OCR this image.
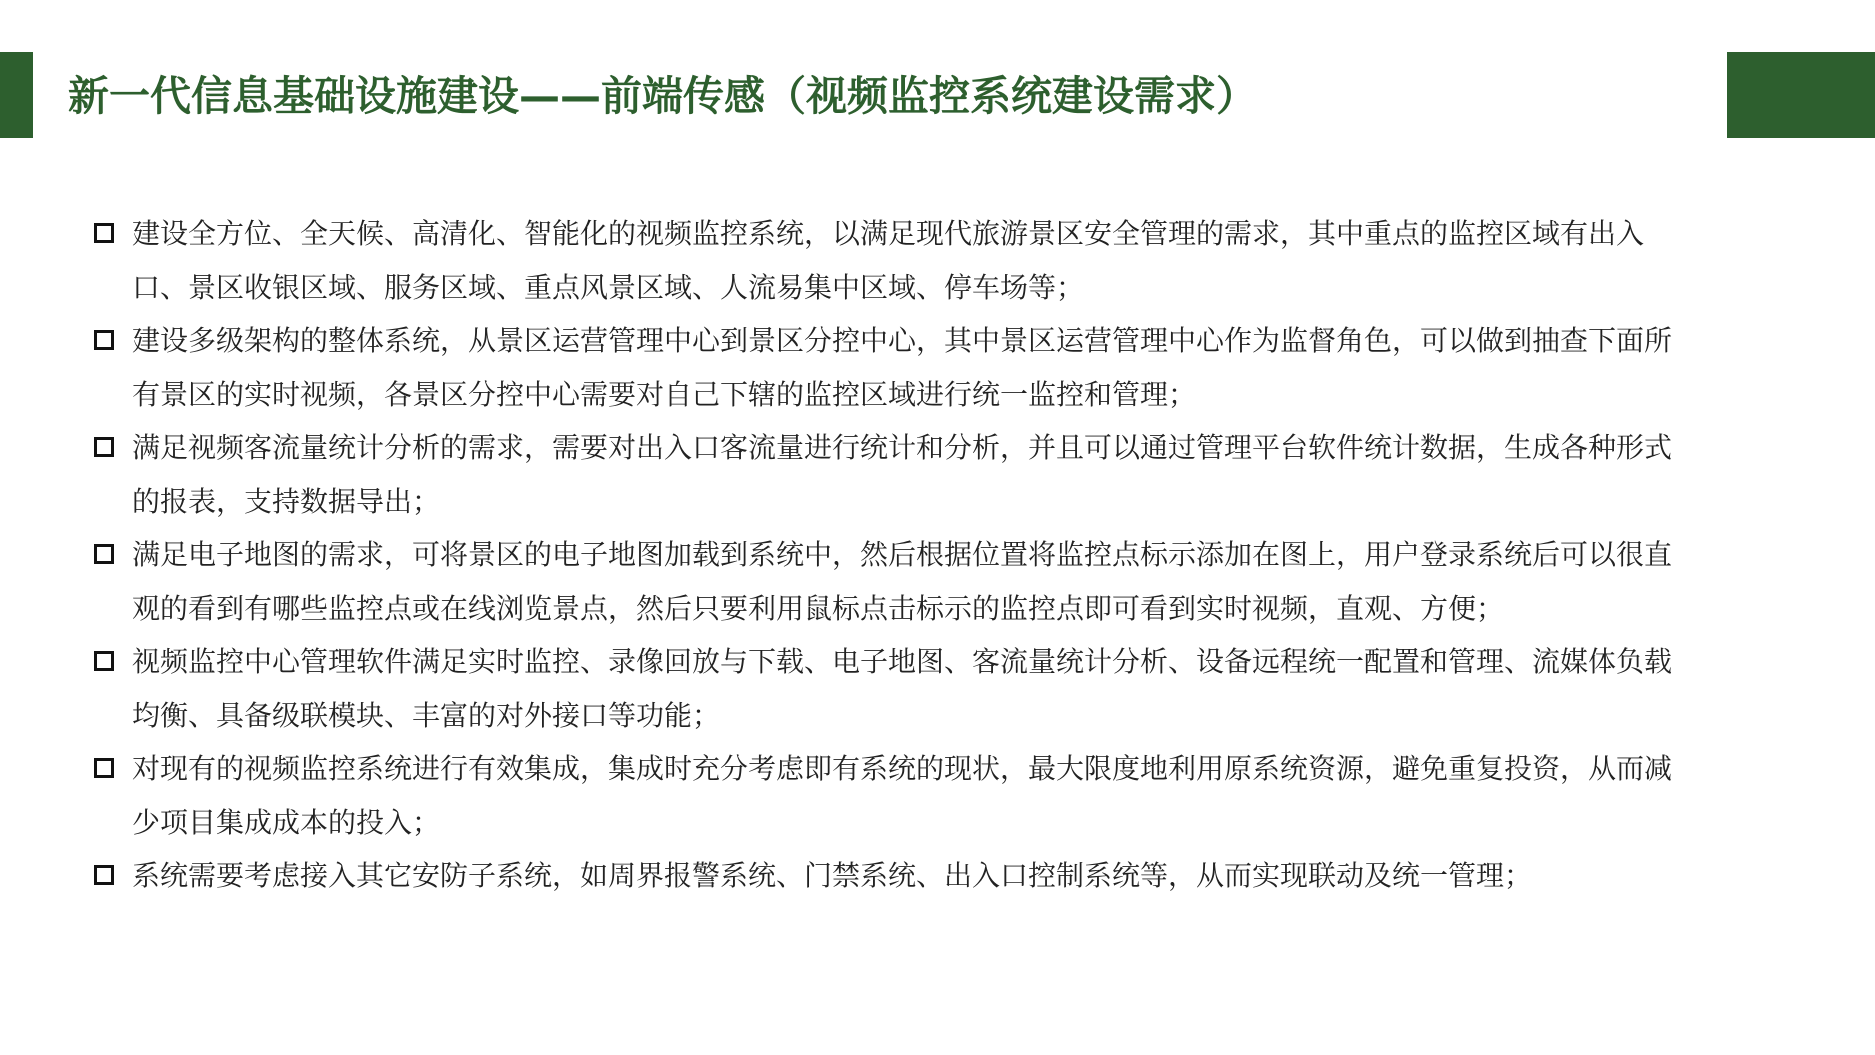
新一代信息基础设施建设——前端传感（视频监控系统建设需求）
建设全方位、全天候、高清化、智能化的视频监控系统，以满足现代旅游景区安全管理的需求，其中重点的监控区域有出入口、景区收银区域、服务区域、重点风景区域、人流易集中区域、停车场等；
建设多级架构的整体系统，从景区运营管理中心到景区分控中心，其中景区运营管理中心作为监督角色，可以做到抽查下面所有景区的实时视频，各景区分控中心需要对自己下辖的监控区域进行统一监控和管理；
满足视频客流量统计分析的需求，需要对出入口客流量进行统计和分析，并且可以通过管理平台软件统计数据，生成各种形式的报表，支持数据导出；
满足电子地图的需求，可将景区的电子地图加载到系统中，然后根据位置将监控点标示添加在图上，用户登录系统后可以很直观的看到有哪些监控点或在线浏览景点，然后只要利用鼠标点击标示的监控点即可看到实时视频，直观、方便；
视频监控中心管理软件满足实时监控、录像回放与下载、电子地图、客流量统计分析、设备远程统一配置和管理、流媒体负载均衡、具备级联模块、丰富的对外接口等功能；
对现有的视频监控系统进行有效集成，集成时充分考虑即有系统的现状，最大限度地利用原系统资源，避免重复投资，从而减少项目集成成本的投入；
系统需要考虑接入其它安防子系统，如周界报警系统、门禁系统、出入口控制系统等，从而实现联动及统一管理；
